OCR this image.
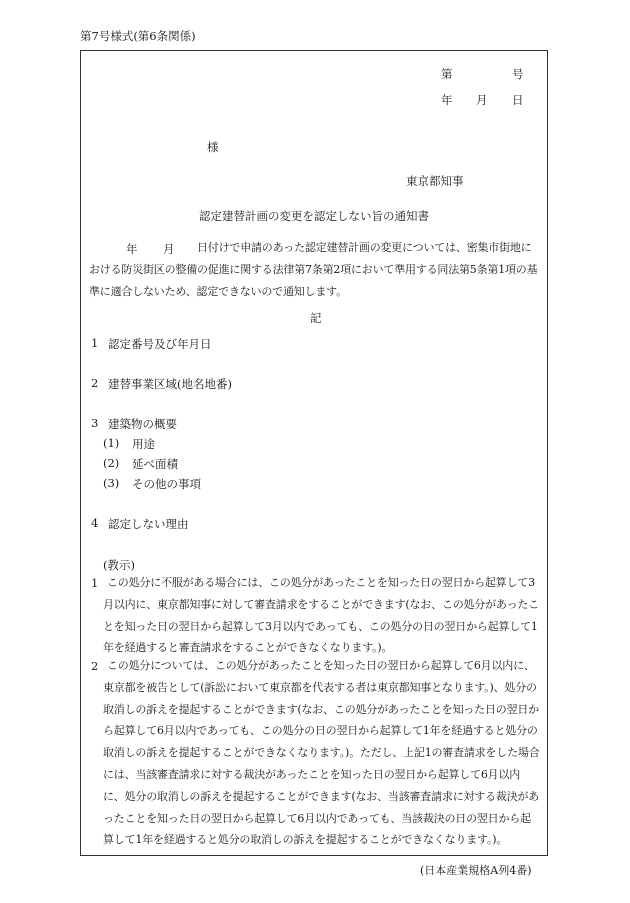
第7号様式(第6条関係)
第	号
年 月 日
様
東京都知事
認定建替計画の変更を認定しない旨の通知書
年 月	日付けで申請のあった認定建替計画の変更については、密集市街地における防災街区の整備の促進に関する法律第7条第2項において準用する同法第5条第1項の基準に適合しないため、認定できないので通知します。
記
1 認定番号及び年月日
2 建替事業区域(地名地番)
3 建築物の概要
(1) 用途
(2) 延べ面積
(3) その他の事項
4 認定しない理由
(教示)
1 この処分に不服がある場合には、この処分があったことを知った日の翌日から起算して3月以内に、東京都知事に対して審査請求をすることができます(なお、この処分があったことを知った日の翌日から起算して3月以内であっても、この処分の日の翌日から起算して1年を経過すると審査請求をすることができなくなります。)。
2 この処分については、この処分があったことを知った日の翌日から起算して6月以内に、東京都を被告として(訴訟において東京都を代表する者は東京都知事となります。)、処分の取消しの訴えを提起することができます(なお、この処分があったことを知った日の翌日から起算して6月以内であっても、この処分の日の翌日から起算して1年を経過すると処分の取消しの訴えを提起することができなくなります。)。ただし、上記1の審査請求をした場合には、当該審査請求に対する裁決があったことを知った日の翌日から起算して6月以内に、処分の取消しの訴えを提起することができます(なお、当該審査請求に対する裁決があったことを知った日の翌日から起算して6月以内であっても、当該裁決の日の翌日から起算して1年を経過すると処分の取消しの訴えを提起することができなくなります。)。
(日本産業規格A列4番)
